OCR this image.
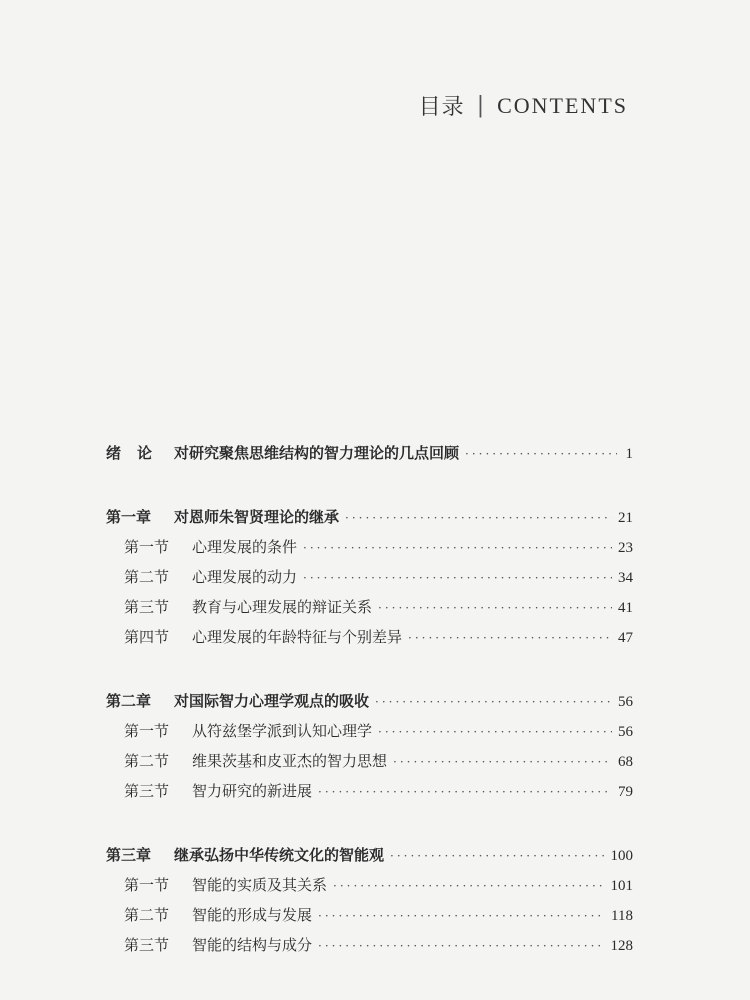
目录 | CONTENTS
绪论 对研究聚焦思维结构的智力理论的几点回顾 ·····	1
第一章	对恩师朱智贤理论的继承 ·····	21
第一节	心理发展的条件 ·····	23
第二节	心理发展的动力 ·····	34
第三节	教育与心理发展的辩证关系 ·····	41
第四节	心理发展的年龄特征与个别差异 ·····	47
第二章	对国际智力心理学观点的吸收 ·····	56
第一节	从符兹堡学派到认知心理学 ·····	56
第二节	维果茨基和皮亚杰的智力思想 ·····	68
第三节	智力研究的新进展 ·····	79
第三章	继承弘扬中华传统文化的智能观 ·····	100
第一节	智能的实质及其关系 ·····	101
第二节	智能的形成与发展 ·····	118
第三节	智能的结构与成分 ·····	128
